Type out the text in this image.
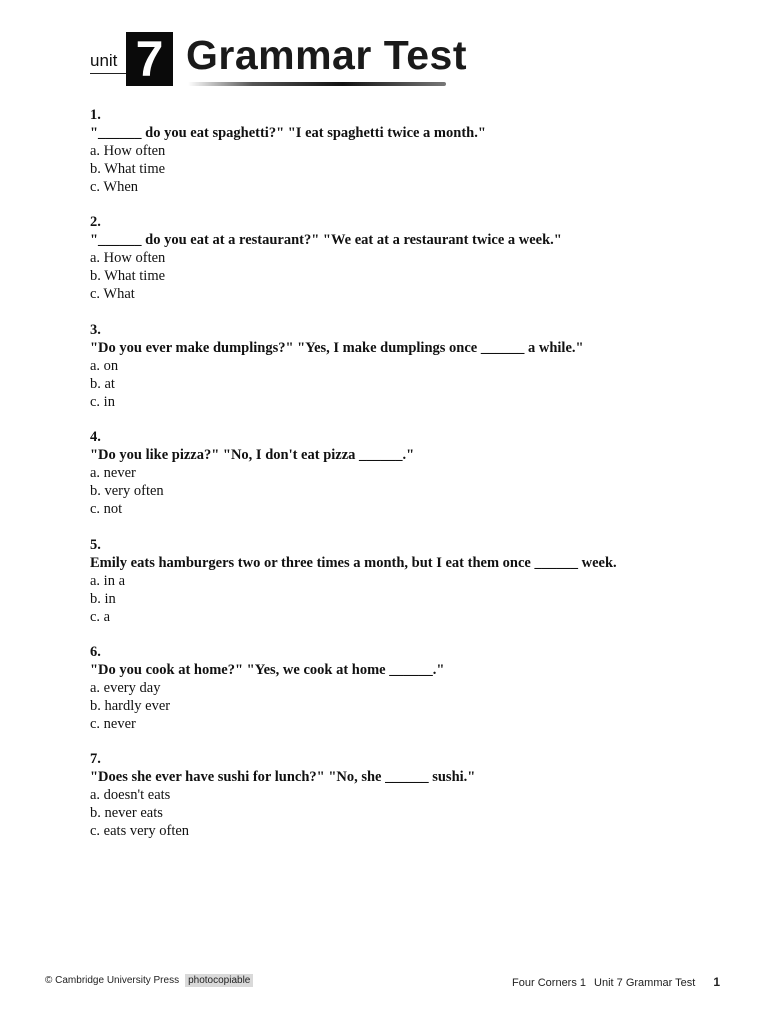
unit 7 Grammar Test
1.
"______ do you eat spaghetti?" "I eat spaghetti twice a month."
a. How often
b. What time
c. When
2.
"______ do you eat at a restaurant?" "We eat at a restaurant twice a week."
a. How often
b. What time
c. What
3.
"Do you ever make dumplings?" "Yes, I make dumplings once ______ a while."
a. on
b. at
c. in
4.
"Do you like pizza?" "No, I don't eat pizza ______."
a. never
b. very often
c. not
5.
Emily eats hamburgers two or three times a month, but I eat them once ______ week.
a. in a
b. in
c. a
6.
"Do you cook at home?" "Yes, we cook at home ______."
a. every day
b. hardly ever
c. never
7.
"Does she ever have sushi for lunch?" "No, she ______ sushi."
a. doesn't eats
b. never eats
c. eats very often
© Cambridge University Press photocopiable	Four Corners 1 Unit 7 Grammar Test 1
